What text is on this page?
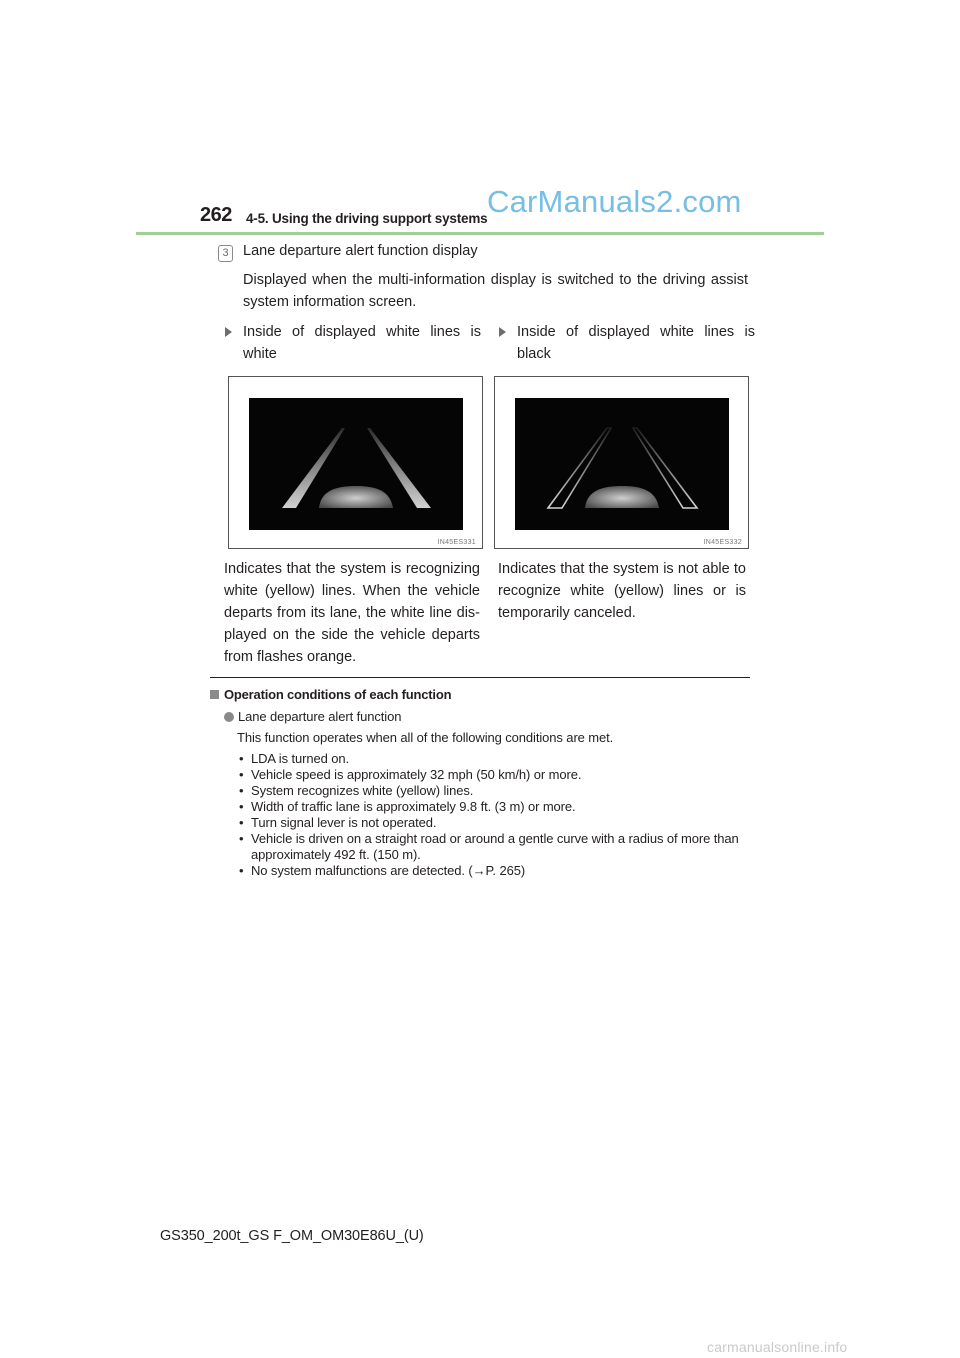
262 4-5. Using the driving support systems CarManuals2.com
3 Lane departure alert function display
Displayed when the multi-information display is switched to the driving assist system information screen.
Inside of displayed white lines is white
IN45ES331
Indicates that the system is recognizing white (yellow) lines. When the vehicle departs from its lane, the white line dis-played on the side the vehicle departs from flashes orange.
Inside of displayed white lines is black
IN45ES332
Indicates that the system is not able to recognize white (yellow) lines or is temporarily canceled.
Operation conditions of each function
Lane departure alert function
This function operates when all of the following conditions are met.
• LDA is turned on.
• Vehicle speed is approximately 32 mph (50 km/h) or more.
• System recognizes white (yellow) lines.
• Width of traffic lane is approximately 9.8 ft. (3 m) or more.
• Turn signal lever is not operated.
• Vehicle is driven on a straight road or around a gentle curve with a radius of more than approximately 492 ft. (150 m).
• No system malfunctions are detected. (→P. 265)
GS350_200t_GS F_OM_OM30E86U_(U)
carmanualsonline.info
